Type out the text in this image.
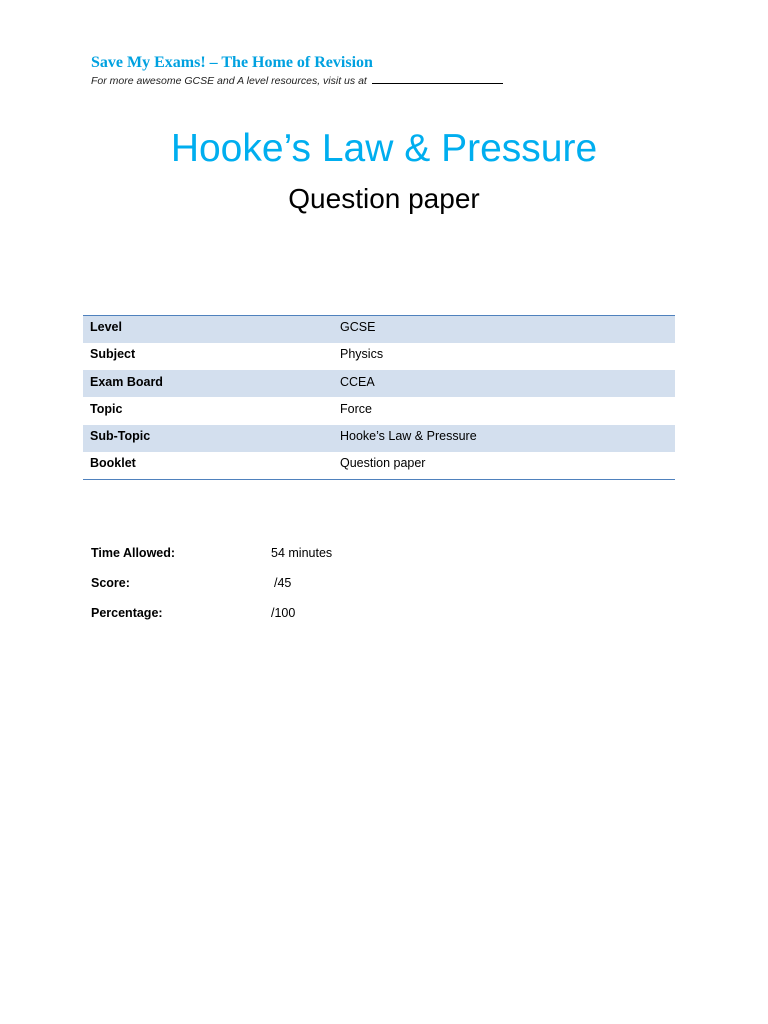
Save My Exams! – The Home of Revision
For more awesome GCSE and A level resources, visit us at
Hooke’s Law & Pressure
Question paper
Level	GCSE
Subject	Physics
Exam Board	CCEA
Topic	Force
Sub-Topic	Hooke’s Law & Pressure
Booklet	Question paper
Time Allowed:	54 minutes
Score:	/45
Percentage:	/100
